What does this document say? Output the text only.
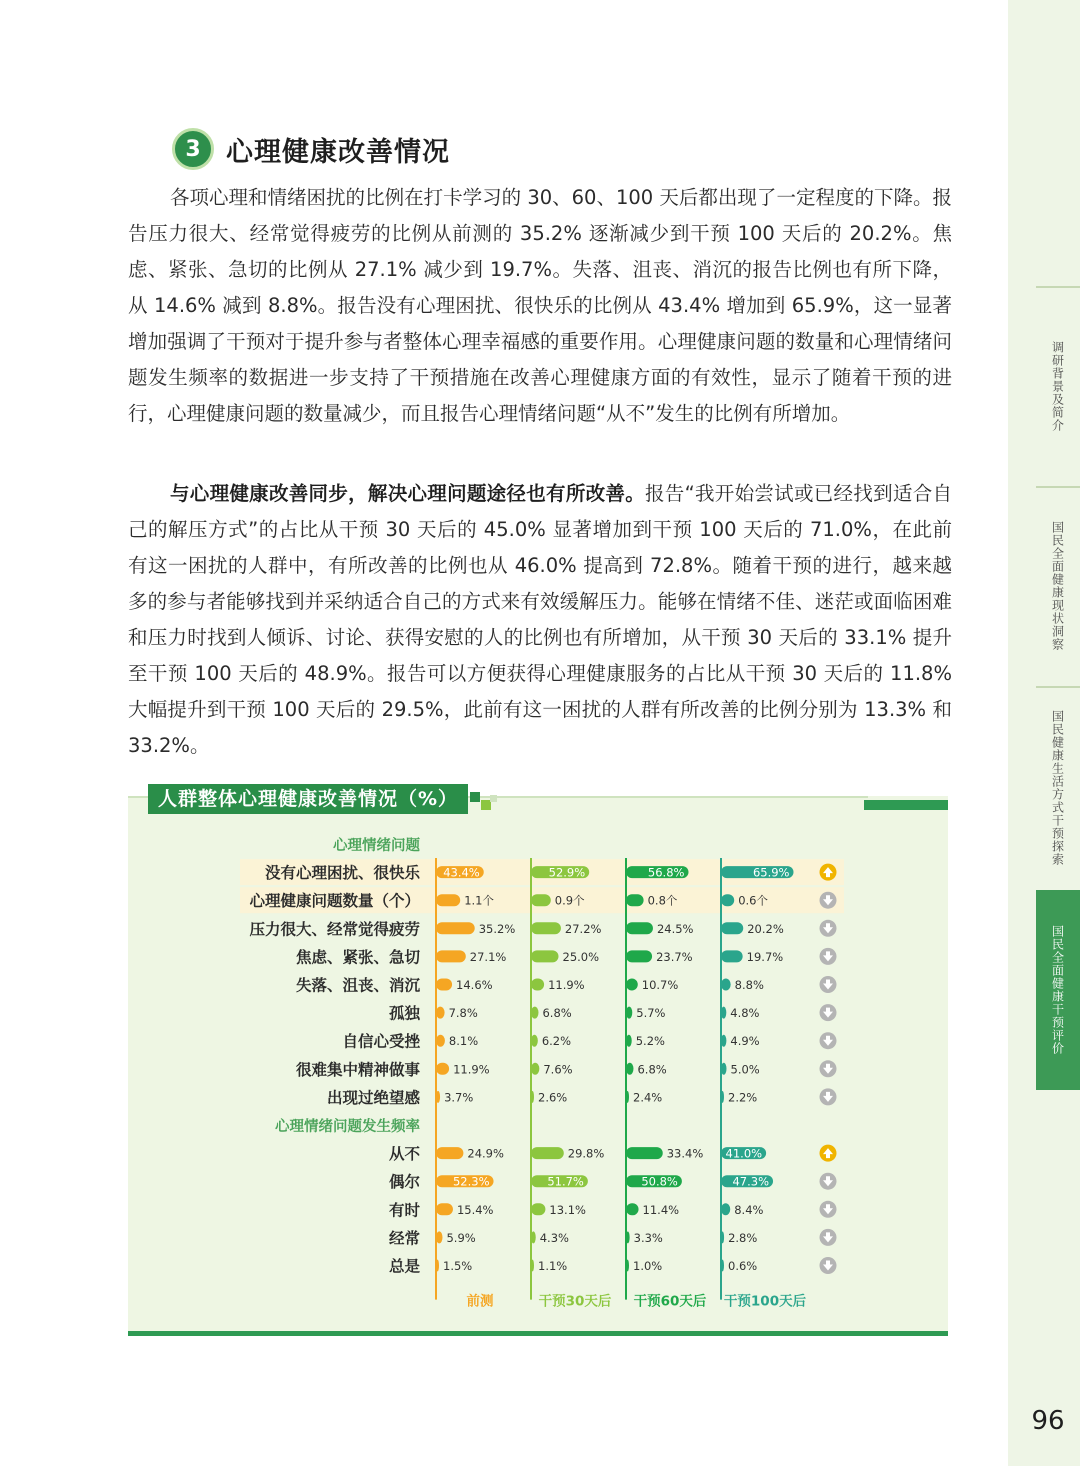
调研背景及简介
国民全面健康现状洞察
国民健康生活方式干预探索
国民全面健康干预评价
96
3 心理健康改善情况
各项心理和情绪困扰的比例在打卡学习的 30、60、100 天后都出现了一定程度的下降。报告压力很大、经常觉得疲劳的比例从前测的 35.2% 逐渐减少到干预 100 天后的 20.2%。焦虑、紧张、急切的比例从 27.1% 减少到 19.7%。失落、沮丧、消沉的报告比例也有所下降，从 14.6% 减到 8.8%。报告没有心理困扰、很快乐的比例从 43.4% 增加到 65.9%，这一显著增加强调了干预对于提升参与者整体心理幸福感的重要作用。心理健康问题的数量和心理情绪问题发生频率的数据进一步支持了干预措施在改善心理健康方面的有效性，显示了随着干预的进行，心理健康问题的数量减少，而且报告心理情绪问题“从不”发生的比例有所增加。
与心理健康改善同步，解决心理问题途径也有所改善。报告“我开始尝试或已经找到适合自己的解压方式”的占比从干预 30 天后的 45.0% 显著增加到干预 100 天后的 71.0%，在此前有这一困扰的人群中，有所改善的比例也从 46.0% 提高到 72.8%。随着干预的进行，越来越多的参与者能够找到并采纳适合自己的方式来有效缓解压力。能够在情绪不佳、迷茫或面临困难和压力时找到人倾诉、讨论、获得安慰的人的比例也有所增加，从干预 30 天后的 33.1% 提升至干预 100 天后的 48.9%。报告可以方便获得心理健康服务的占比从干预 30 天后的 11.8% 大幅提升到干预 100 天后的 29.5%，此前有这一困扰的人群有所改善的比例分别为 13.3% 和 33.2%。
心理情绪问题
没有心理困扰、很快乐 43.4%	52.9%	56.8%	65.9%
心理健康问题数量（个）	1.1个	0.9个	0.8个	0.6个
压力很大、经常觉得疲劳	35.2%	27.2%	24.5%	20.2%
焦虑、紧张、急切	27.1%	25.0%	23.7%	19.7%
失落、沮丧、消沉	14.6%	11.9%	10.7%	8.8%
孤独 7.8%	6.8%	5.7%	4.8%
自信心受挫	8.1%	6.2%	5.2%	4.9%
很难集中精神做事	11.9%	7.6%	6.8%	5.0%
出现过绝望感 3.7%	2.6%	2.4%	2.2%
心理情绪问题发生频率
从不	24.9%	29.8%	33.4% 41.0%
偶尔	52.3%	51.7%	50.8%	47.3%
有时	15.4%	13.1%	11.4%	8.4%
经常 5.9%	4.3%	3.3%	2.8%
总是 1.5%	1.1%	1.0%	0.6%
前测	干预30天后 干预60天后 干预100天后
人群整体心理健康改善情况（%）
